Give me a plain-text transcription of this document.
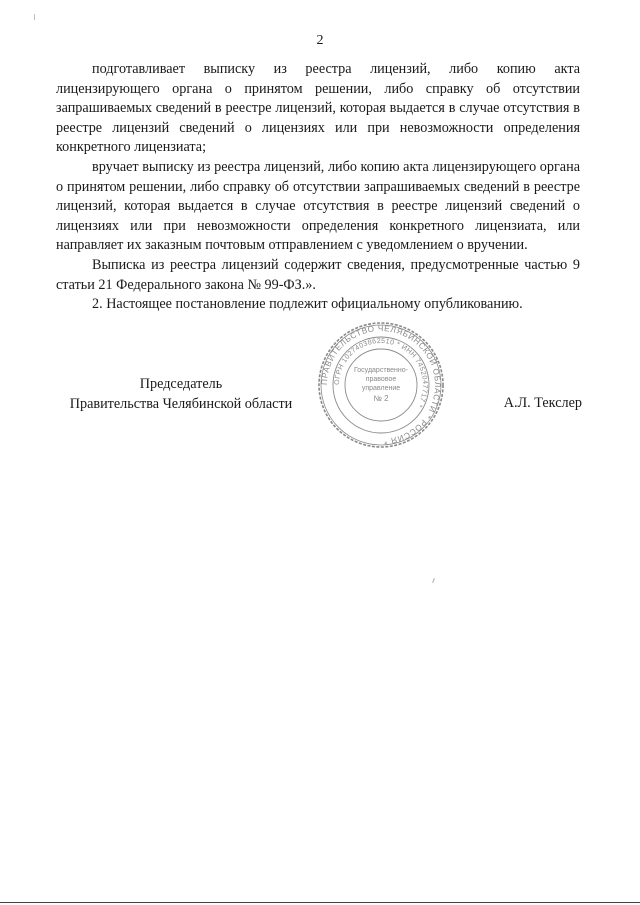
2

подготавливает выписку из реестра лицензий, либо копию акта лицензирующего органа о принятом решении, либо справку об отсутствии запрашиваемых сведений в реестре лицензий, которая выдается в случае отсутствия в реестре лицензий сведений о лицензиях или при невозможности определения конкретного лицензиата;

вручает выписку из реестра лицензий, либо копию акта лицензирующего органа о принятом решении, либо справку об отсутствии запрашиваемых сведений в реестре лицензий, которая выдается в случае отсутствия в реестре лицензий сведений о лицензиях или при невозможности определения конкретного лицензиата, или направляет их заказным почтовым отправлением с уведомлением о вручении.

Выписка из реестра лицензий содержит сведения, предусмотренные частью 9 статьи 21 Федерального закона № 99-ФЗ.».

2. Настоящее постановление подлежит официальному опубликованию.

Председатель
Правительства Челябинской области	А.Л. Текслер
ПРАВИТЕЛЬСТВО ЧЕЛЯБИНСКОЙ ОБЛАСТИ * РОССИЯ *
ОГРН 1027403862510 * ИНН 7452047717 *
Государственно-
правовое
управление
№ 2
